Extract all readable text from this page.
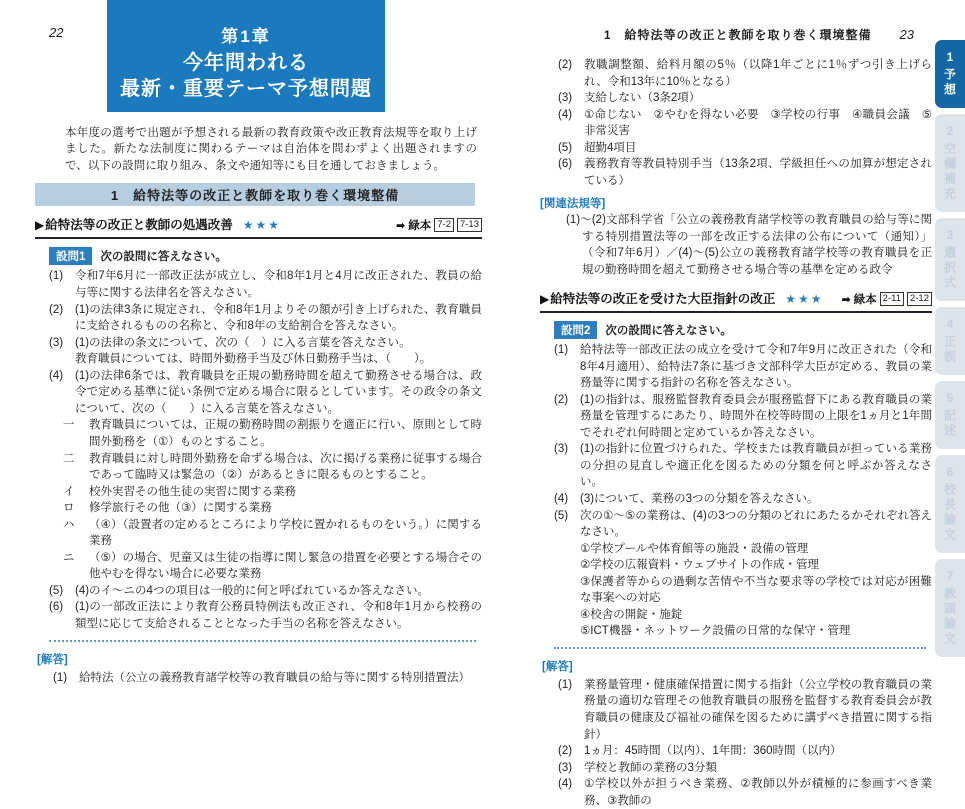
22	第1章
今年問われる
最新・重要テーマ予想問題

本年度の選考で出題が予想される最新の教育政策や改正教育法規等を取り上げました。新たな法制度に関わるテーマは自治体を問わずよく出題されますので、以下の設問に取り組み、条文や通知等にも目を通しておきましょう。

1　給特法等の改正と教師を取り巻く環境整備
▶ 給特法等の改正と教師の処遇改善 ★★★	➡ 緑本 7-2 7-13
設問1	次の設問に答えなさい。
(1)	令和7年6月に一部改正法が成立し、令和8年1月と4月に改正された、教員の給与等に関する法律名を答えなさい。
(2)	(1)の法律3条に規定され、令和8年1月よりその額が引き上げられた、教育職員に支給されるものの名称と、令和8年の支給割合を答えなさい。
(3)	(1)の法律の条文について、次の（　）に入る言葉を答えなさい。
教育職員については、時間外勤務手当及び休日勤務手当は、（　　）。
(4)	(1)の法律6条では、教育職員を正規の勤務時間を超えて勤務させる場合は、政令で定める基準に従い条例で定める場合に限るとしています。その政令の条文について、次の（　　）に入る言葉を答えなさい。
一	教育職員については、正規の勤務時間の割振りを適正に行い、原則として時間外勤務を（①）ものとすること。
二	教育職員に対し時間外勤務を命ずる場合は、次に掲げる業務に従事する場合であって臨時又は緊急の（②）があるときに限るものとすること。
イ	校外実習その他生徒の実習に関する業務
ロ	修学旅行その他（③）に関する業務
ハ	（④）（設置者の定めるところにより学校に置かれるものをいう。）に関する業務
ニ	（⑤）の場合、児童又は生徒の指導に関し緊急の措置を必要とする場合その他やむを得ない場合に必要な業務
(5)	(4)のイ～ニの4つの項目は一般的に何と呼ばれているか答えなさい。
(6)	(1)の一部改正法により教育公務員特例法も改正され、令和8年1月から校務の類型に応じて支給されることとなった手当の名称を答えなさい。
[解答]
(1)	給特法（公立の義務教育諸学校等の教育職員の給与等に関する特別措置法）
1　給特法等の改正と教師を取り巻く環境整備 23
(2)	教職調整額、給料月額の5％（以降1年ごとに1％ずつ引き上げられ、令和13年に10％となる）
(3)	支給しない（3条2項）
(4)	①命じない　②やむを得ない必要　③学校の行事　④職員会議　⑤非常災害
(5)	超勤4項目
(6)	義務教育等教員特別手当（13条2項、学級担任への加算が想定されている）
[関連法規等]

(1)～(2)文部科学省「公立の義務教育諸学校等の教育職員の給与等に関する特別措置法等の一部を改正する法律の公布について（通知）」（令和7年6月）／(4)～(5)公立の義務教育諸学校等の教育職員を正規の勤務時間を超えて勤務させる場合等の基準を定める政令

▶ 給特法等の改正を受けた大臣指針の改正 ★★★ ➡ 緑本 2-11 2-12
設問2	次の設問に答えなさい。
(1)	給特法等一部改正法の成立を受けて令和7年9月に改正された（令和8年4月適用）、給特法7条に基づき文部科学大臣が定める、教員の業務量等に関する指針の名称を答えなさい。
(2)	(1)の指針は、服務監督教育委員会が服務監督下にある教育職員の業務量を管理するにあたり、時間外在校等時間の上限を1ヵ月と1年間でそれぞれ何時間と定めているか答えなさい。
(3)	(1)の指針に位置づけられた、学校または教育職員が担っている業務の分担の見直しや適正化を図るための分類を何と呼ぶか答えなさい。
(4)	(3)について、業務の3つの分類を答えなさい。
(5)	次の①～⑤の業務は、(4)の3つの分類のどれにあたるかそれぞれ答えなさい。
①学校プールや体育館等の施設・設備の管理
②学校の広報資料・ウェブサイトの作成・管理
③保護者等からの過剰な苦情や不当な要求等の学校では対応が困難な事案への対応
④校舎の開錠・施錠
⑤ICT機器・ネットワーク設備の日常的な保守・管理
[解答]
(1)	業務量管理・健康確保措置に関する指針（公立学校の教育職員の業務量の適切な管理その他教育職員の服務を監督する教育委員会が教育職員の健康及び福祉の確保を図るために講ずべき措置に関する指針）
(2)	1ヵ月：45時間（以内）、1年間：360時間（以内）
(3)	学校と教師の業務の3分類
(4)	①学校以外が担うべき業務、②教師以外が積極的に参画すべき業務、③教師の
1
予想
2
空欄補充
3
選択式
4
正誤
5
記述
6
校長論文
7
教頭論文
